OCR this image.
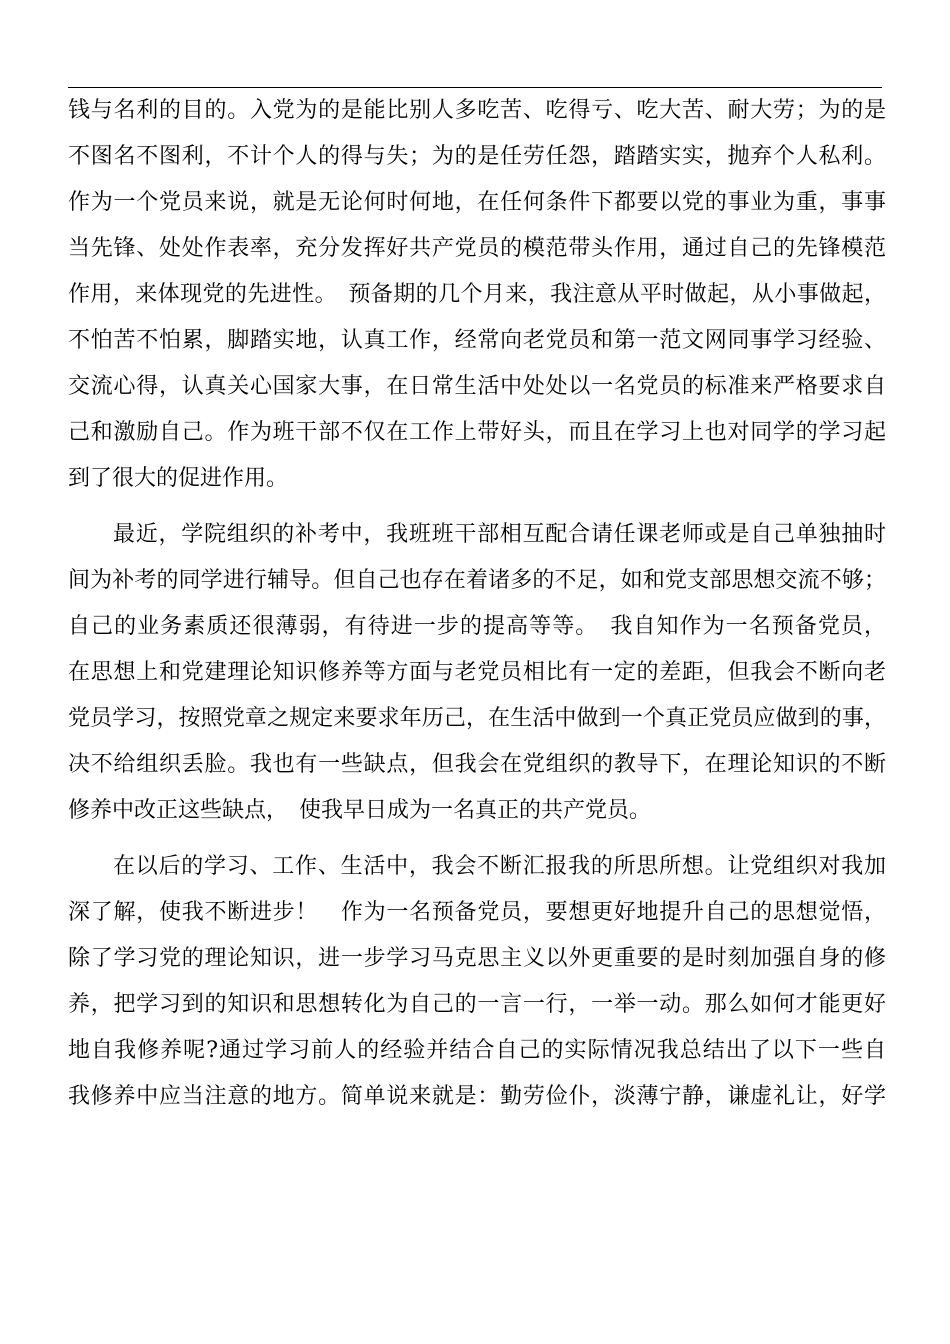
钱与名利的目的。入党为的是能比别人多吃苦、吃得亏、吃大苦、耐大劳；为的是
不图名不图利，不计个人的得与失；为的是任劳任怨，踏踏实实，抛弃个人私利。
作为一个党员来说，就是无论何时何地，在任何条件下都要以党的事业为重，事事
当先锋、处处作表率，充分发挥好共产党员的模范带头作用，通过自己的先锋模范
作用，来体现党的先进性。　预备期的几个月来，我注意从平时做起，从小事做起，
不怕苦不怕累，脚踏实地，认真工作，经常向老党员和第一范文网同事学习经验、
交流心得，认真关心国家大事，在日常生活中处处以一名党员的标准来严格要求自
己和激励自己。作为班干部不仅在工作上带好头，而且在学习上也对同学的学习起
到了很大的促进作用。
最近，学院组织的补考中，我班班干部相互配合请任课老师或是自己单独抽时
间为补考的同学进行辅导。但自己也存在着诸多的不足，如和党支部思想交流不够；
自己的业务素质还很薄弱，有待进一步的提高等等。　我自知作为一名预备党员，
在思想上和党建理论知识修养等方面与老党员相比有一定的差距，但我会不断向老
党员学习，按照党章之规定来要求年历己，在生活中做到一个真正党员应做到的事，
决不给组织丢脸。我也有一些缺点，但我会在党组织的教导下，在理论知识的不断
修养中改正这些缺点，　使我早日成为一名真正的共产党员。
在以后的学习、工作、生活中，我会不断汇报我的所思所想。让党组织对我加
深了解，使我不断进步！　作为一名预备党员，要想更好地提升自己的思想觉悟，
除了学习党的理论知识，进一步学习马克思主义以外更重要的是时刻加强自身的修
养，把学习到的知识和思想转化为自己的一言一行，一举一动。那么如何才能更好
地自我修养呢?通过学习前人的经验并结合自己的实际情况我总结出了以下一些自
我修养中应当注意的地方。简单说来就是：勤劳俭仆，淡薄宁静，谦虚礼让，好学
